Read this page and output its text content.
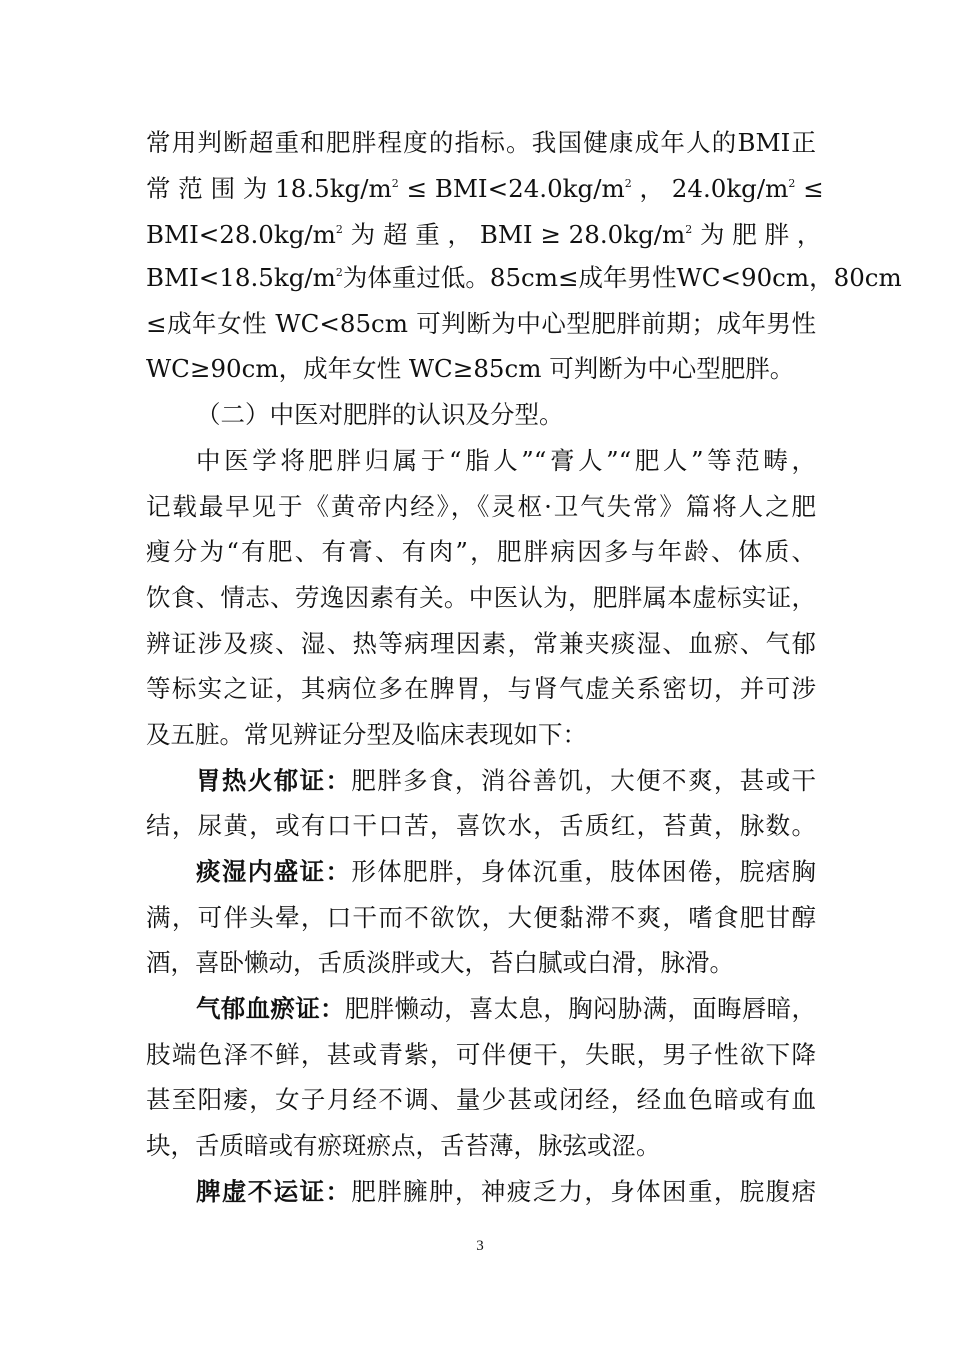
常用判断超重和肥胖程度的指标。我国健康成年人的BMI正
常 范 围 为 $18.5kg/m^2 \le BMI<24.0kg/m^2$ ， $24.0kg/m^2$ ≤
$BMI<28.0kg/m^2$ 为 超 重 ， BMI ≥ $28.0kg/m^2$ 为 肥 胖 ，
$BMI<18.5kg/m^2$为体重过低。85cm≤成年男性WC<90cm，80cm
≤成年女性 WC<85cm 可判断为中心型肥胖前期；成年男性
WC≥90cm，成年女性 WC≥85cm 可判断为中心型肥胖。
（二）中医对肥胖的认识及分型。
中医学将肥胖归属于“脂人”“膏人”“肥人”等范畴，
记载最早见于《黄帝内经》，《灵枢·卫气失常》篇将人之肥
瘦分为“有肥、有膏、有肉”，肥胖病因多与年龄、体质、
饮食、情志、劳逸因素有关。中医认为，肥胖属本虚标实证，
辨证涉及痰、湿、热等病理因素，常兼夹痰湿、血瘀、气郁
等标实之证，其病位多在脾胃，与肾气虚关系密切，并可涉
及五脏。常见辨证分型及临床表现如下：
胃热火郁证：肥胖多食，消谷善饥，大便不爽，甚或干
结，尿黄，或有口干口苦，喜饮水，舌质红，苔黄，脉数。
痰湿内盛证：形体肥胖，身体沉重，肢体困倦，脘痞胸
满，可伴头晕，口干而不欲饮，大便黏滞不爽，嗜食肥甘醇
酒，喜卧懒动，舌质淡胖或大，苔白腻或白滑，脉滑。
气郁血瘀证：肥胖懒动，喜太息，胸闷胁满，面晦唇暗，
肢端色泽不鲜，甚或青紫，可伴便干，失眠，男子性欲下降
甚至阳痿，女子月经不调、量少甚或闭经，经血色暗或有血
块，舌质暗或有瘀斑瘀点，舌苔薄，脉弦或涩。
脾虚不运证：肥胖臃肿，神疲乏力，身体困重，脘腹痞
3
